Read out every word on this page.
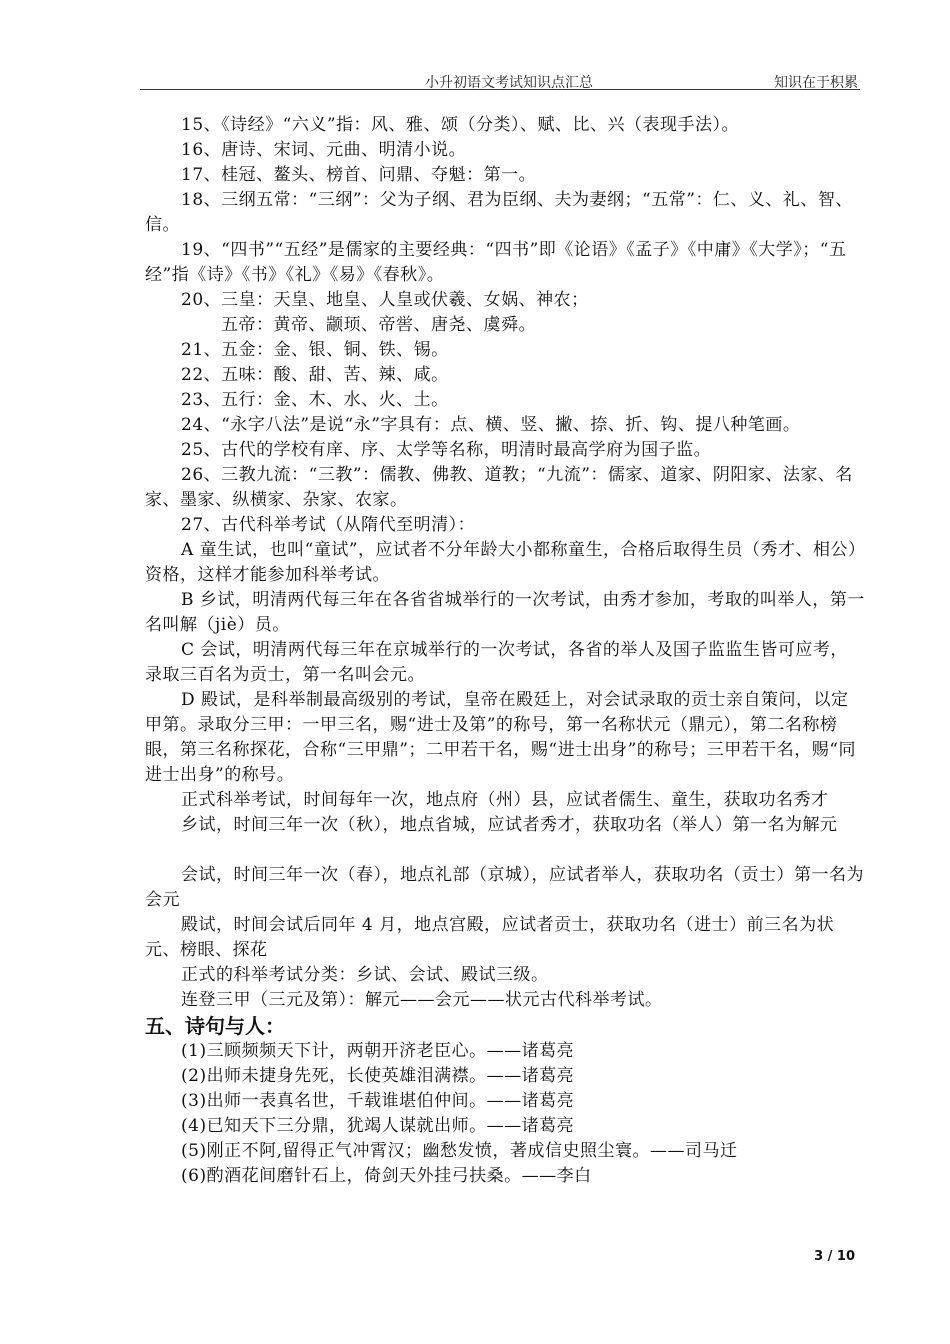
小升初语文考试知识点汇总	知识在于积累

15、《诗经》“六义”指：风、雅、颂（分类）、赋、比、兴（表现手法）。

16、唐诗、宋词、元曲、明清小说。

17、桂冠、鳌头、榜首、问鼎、夺魁：第一。

18、三纲五常：“三纲”：父为子纲、君为臣纲、夫为妻纲；“五常”：仁、义、礼、智、信。

19、“四书”“五经”是儒家的主要经典：“四书”即《论语》《孟子》《中庸》《大学》；“五经”指《诗》《书》《礼》《易》《春秋》。

20、三皇：天皇、地皇、人皇或伏羲、女娲、神农；

五帝：黄帝、颛顼、帝喾、唐尧、虞舜。

21、五金：金、银、铜、铁、锡。

22、五味：酸、甜、苦、辣、咸。

23、五行：金、木、水、火、土。

24、“永字八法”是说“永”字具有：点、横、竖、撇、捺、折、钩、提八种笔画。

25、古代的学校有庠、序、太学等名称，明清时最高学府为国子监。

26、三教九流：“三教”：儒教、佛教、道教；“九流”：儒家、道家、阴阳家、法家、名家、墨家、纵横家、杂家、农家。

27、古代科举考试（从隋代至明清）：

A 童生试，也叫“童试”，应试者不分年龄大小都称童生，合格后取得生员（秀才、相公）资格，这样才能参加科举考试。

B 乡试，明清两代每三年在各省省城举行的一次考试，由秀才参加，考取的叫举人，第一名叫解（jiè）员。

C 会试，明清两代每三年在京城举行的一次考试，各省的举人及国子监监生皆可应考，录取三百名为贡士，第一名叫会元。

D 殿试，是科举制最高级别的考试，皇帝在殿廷上，对会试录取的贡士亲自策问，以定甲第。录取分三甲：一甲三名，赐“进士及第”的称号，第一名称状元（鼎元），第二名称榜眼，第三名称探花，合称“三甲鼎”；二甲若干名，赐“进士出身”的称号；三甲若干名，赐“同进士出身”的称号。

正式科举考试，时间每年一次，地点府（州）县，应试者儒生、童生，获取功名秀才

乡试，时间三年一次（秋），地点省城，应试者秀才，获取功名（举人）第一名为解元

会试，时间三年一次（春），地点礼部（京城），应试者举人，获取功名（贡士）第一名为会元

殿试，时间会试后同年 4 月，地点宫殿，应试者贡士，获取功名（进士）前三名为状元、榜眼、探花

正式的科举考试分类：乡试、会试、殿试三级。

连登三甲（三元及第）：解元——会元——状元古代科举考试。

五、诗句与人：

(1)三顾频频天下计，两朝开济老臣心。——诸葛亮

(2)出师未捷身先死，长使英雄泪满襟。——诸葛亮

(3)出师一表真名世，千载谁堪伯仲间。——诸葛亮

(4)已知天下三分鼎，犹竭人谋就出师。——诸葛亮

(5)刚正不阿,留得正气冲霄汉；幽愁发愤，著成信史照尘寰。——司马迁

(6)酌酒花间磨针石上，倚剑天外挂弓扶桑。——李白

3 / 10
